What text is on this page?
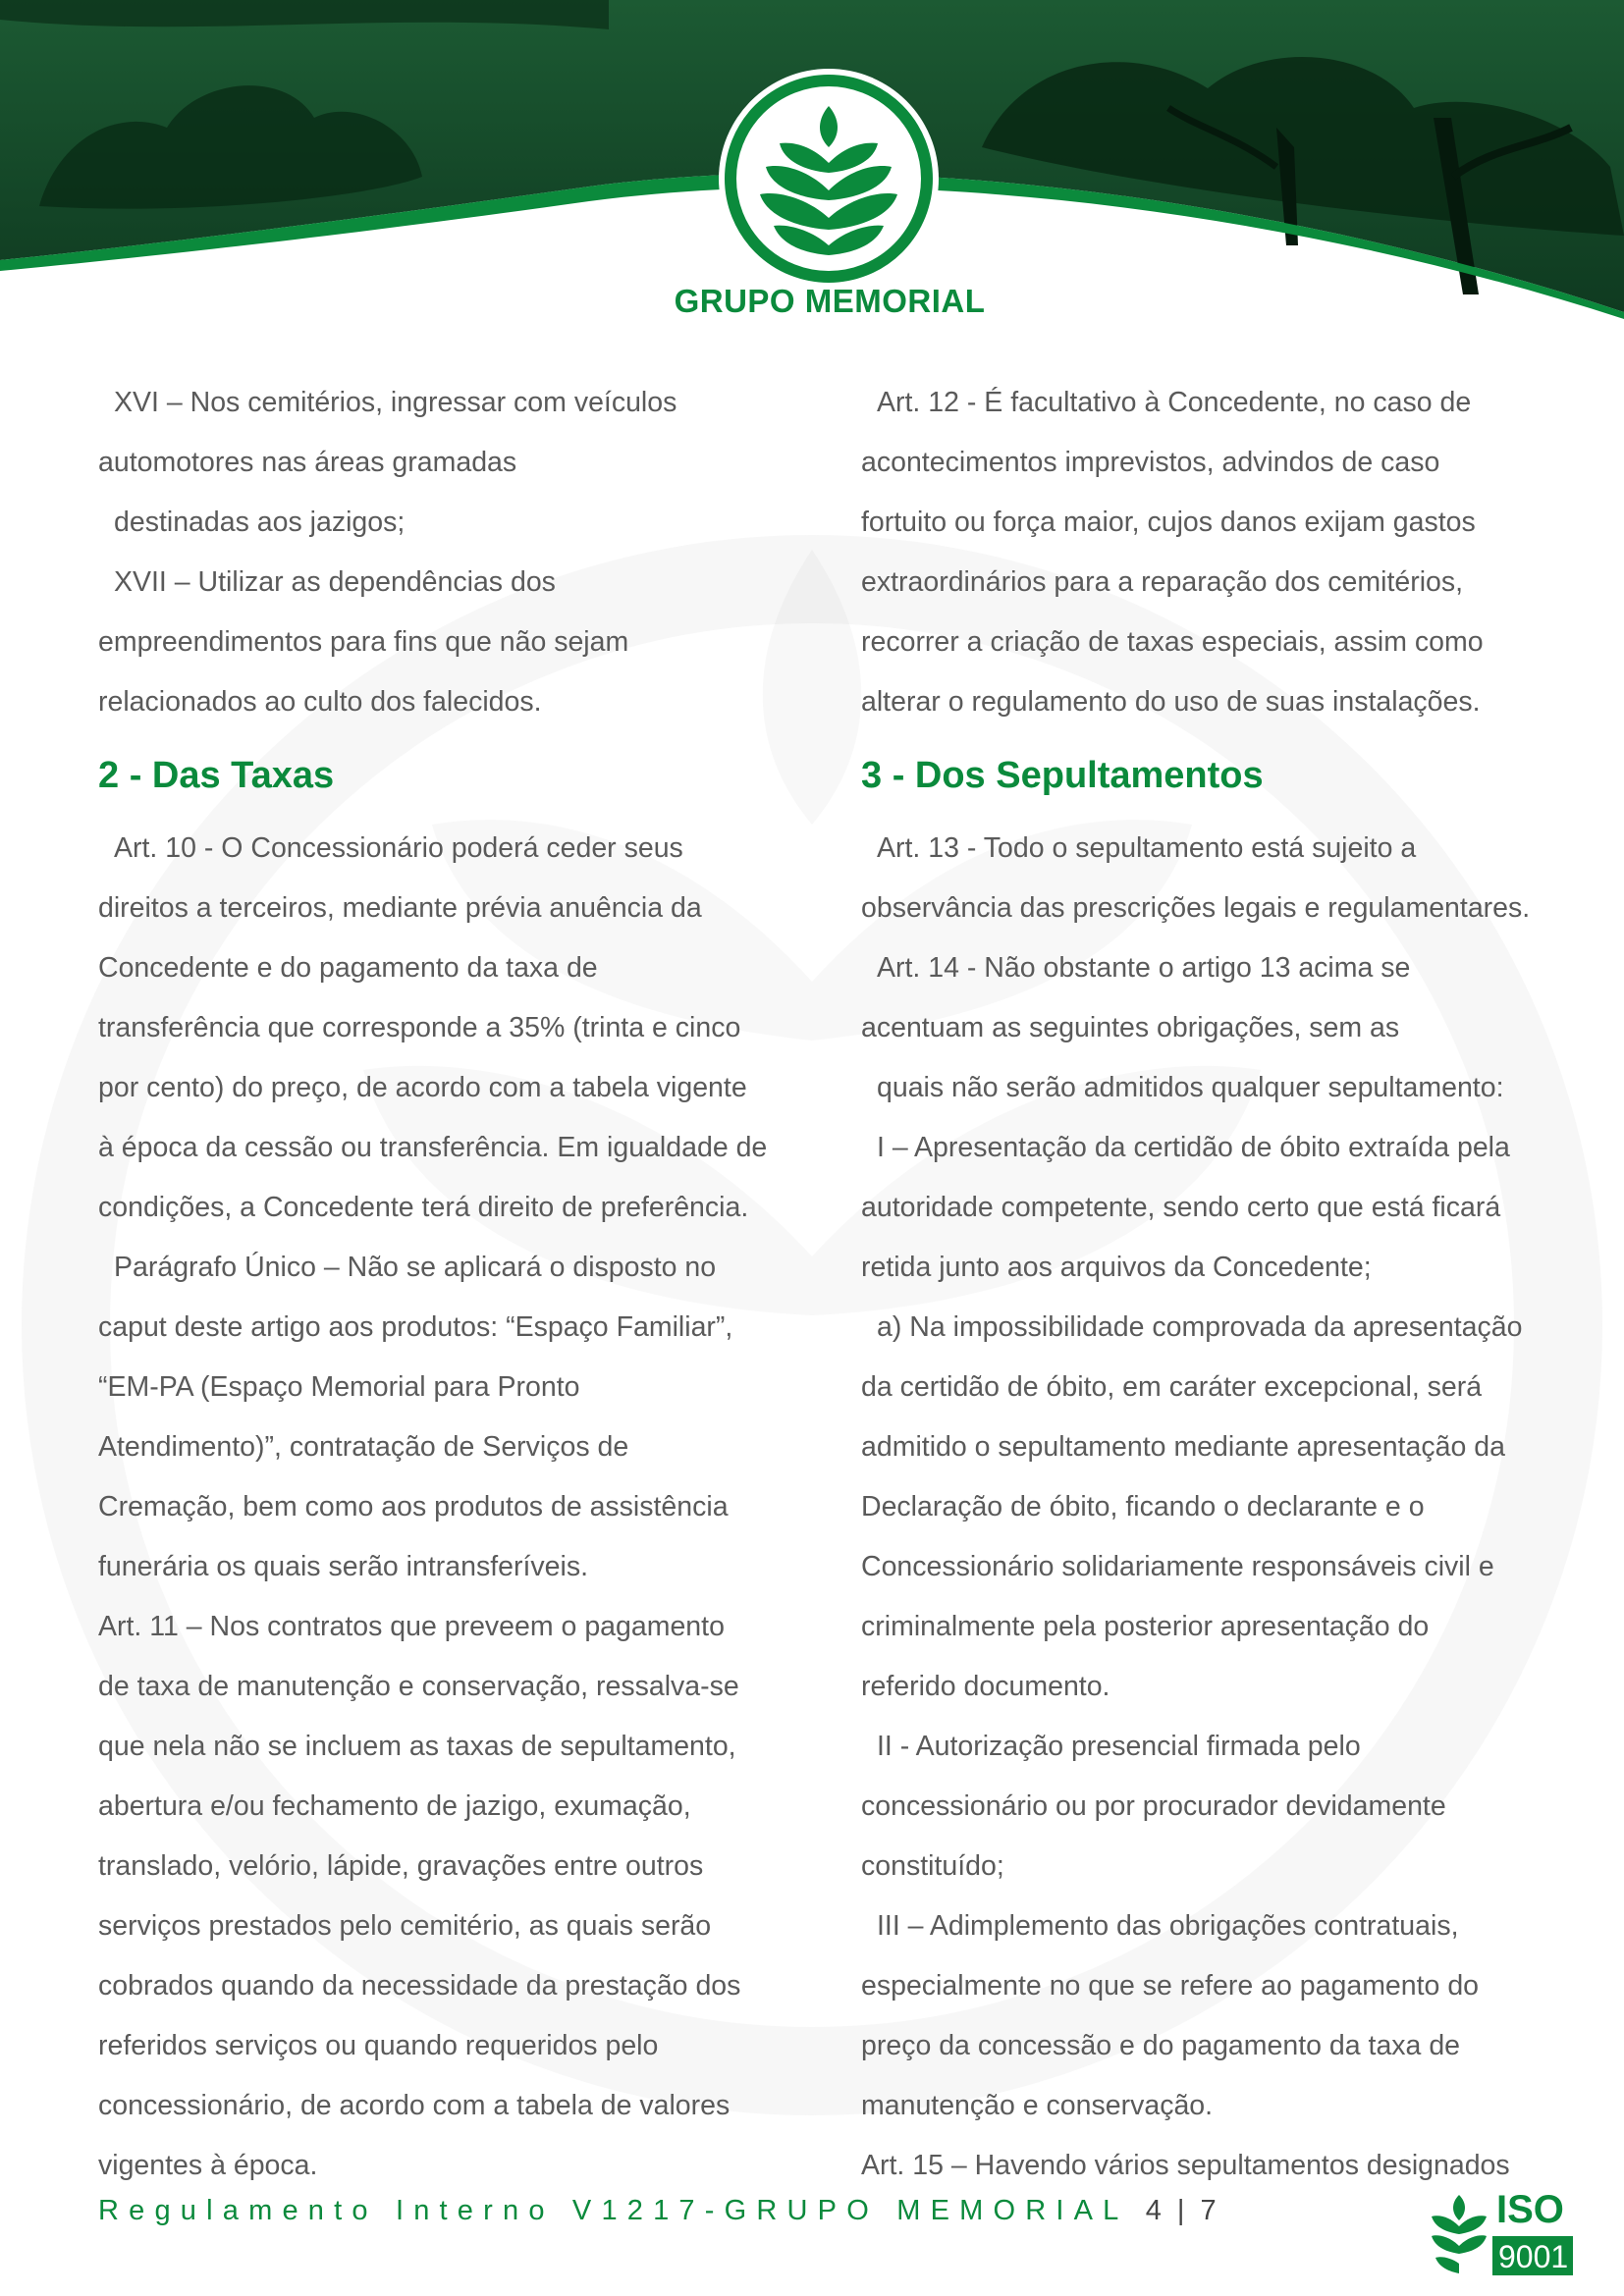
GRUPO MEMORIAL

XVI – Nos cemitérios, ingressar com veículos

automotores nas áreas gramadas

destinadas aos jazigos;

XVII – Utilizar as dependências dos

empreendimentos para fins que não sejam

relacionados ao culto dos falecidos.

2 - Das Taxas

Art. 10 - O Concessionário poderá ceder seus

direitos a terceiros, mediante prévia anuência da

Concedente e do pagamento da taxa de

transferência que corresponde a 35% (trinta e cinco

por cento) do preço, de acordo com a tabela vigente

à época da cessão ou transferência. Em igualdade de

condições, a Concedente terá direito de preferência.

Parágrafo Único – Não se aplicará o disposto no

caput deste artigo aos produtos: “Espaço Familiar”,

“EM-PA (Espaço Memorial para Pronto

Atendimento)”, contratação de Serviços de

Cremação, bem como aos produtos de assistência

funerária os quais serão intransferíveis.

Art. 11 – Nos contratos que preveem o pagamento

de taxa de manutenção e conservação, ressalva-se

que nela não se incluem as taxas de sepultamento,

abertura e/ou fechamento de jazigo, exumação,

translado, velório, lápide, gravações entre outros

serviços prestados pelo cemitério, as quais serão

cobrados quando da necessidade da prestação dos

referidos serviços ou quando requeridos pelo

concessionário, de acordo com a tabela de valores

vigentes à época.

Art. 12 - É facultativo à Concedente, no caso de

acontecimentos imprevistos, advindos de caso

fortuito ou força maior, cujos danos exijam gastos

extraordinários para a reparação dos cemitérios,

recorrer a criação de taxas especiais, assim como

alterar o regulamento do uso de suas instalações.

3 - Dos Sepultamentos

Art. 13 - Todo o sepultamento está sujeito a

observância das prescrições legais e regulamentares.

Art. 14 - Não obstante o artigo 13 acima se

acentuam as seguintes obrigações, sem as

quais não serão admitidos qualquer sepultamento:

I – Apresentação da certidão de óbito extraída pela

autoridade competente, sendo certo que está ficará

retida junto aos arquivos da Concedente;

a) Na impossibilidade comprovada da apresentação

da certidão de óbito, em caráter excepcional, será

admitido o sepultamento mediante apresentação da

Declaração de óbito, ficando o declarante e o

Concessionário solidariamente responsáveis civil e

criminalmente pela posterior apresentação do

referido documento.

II - Autorização presencial firmada pelo

concessionário ou por procurador devidamente

constituído;

III – Adimplemento das obrigações contratuais,

especialmente no que se refere ao pagamento do

preço da concessão e do pagamento da taxa de

manutenção e conservação.

Art. 15 – Havendo vários sepultamentos designados

Regulamento Interno V1217-GRUPO MEMORIAL 4 | 7	ISO
9001
